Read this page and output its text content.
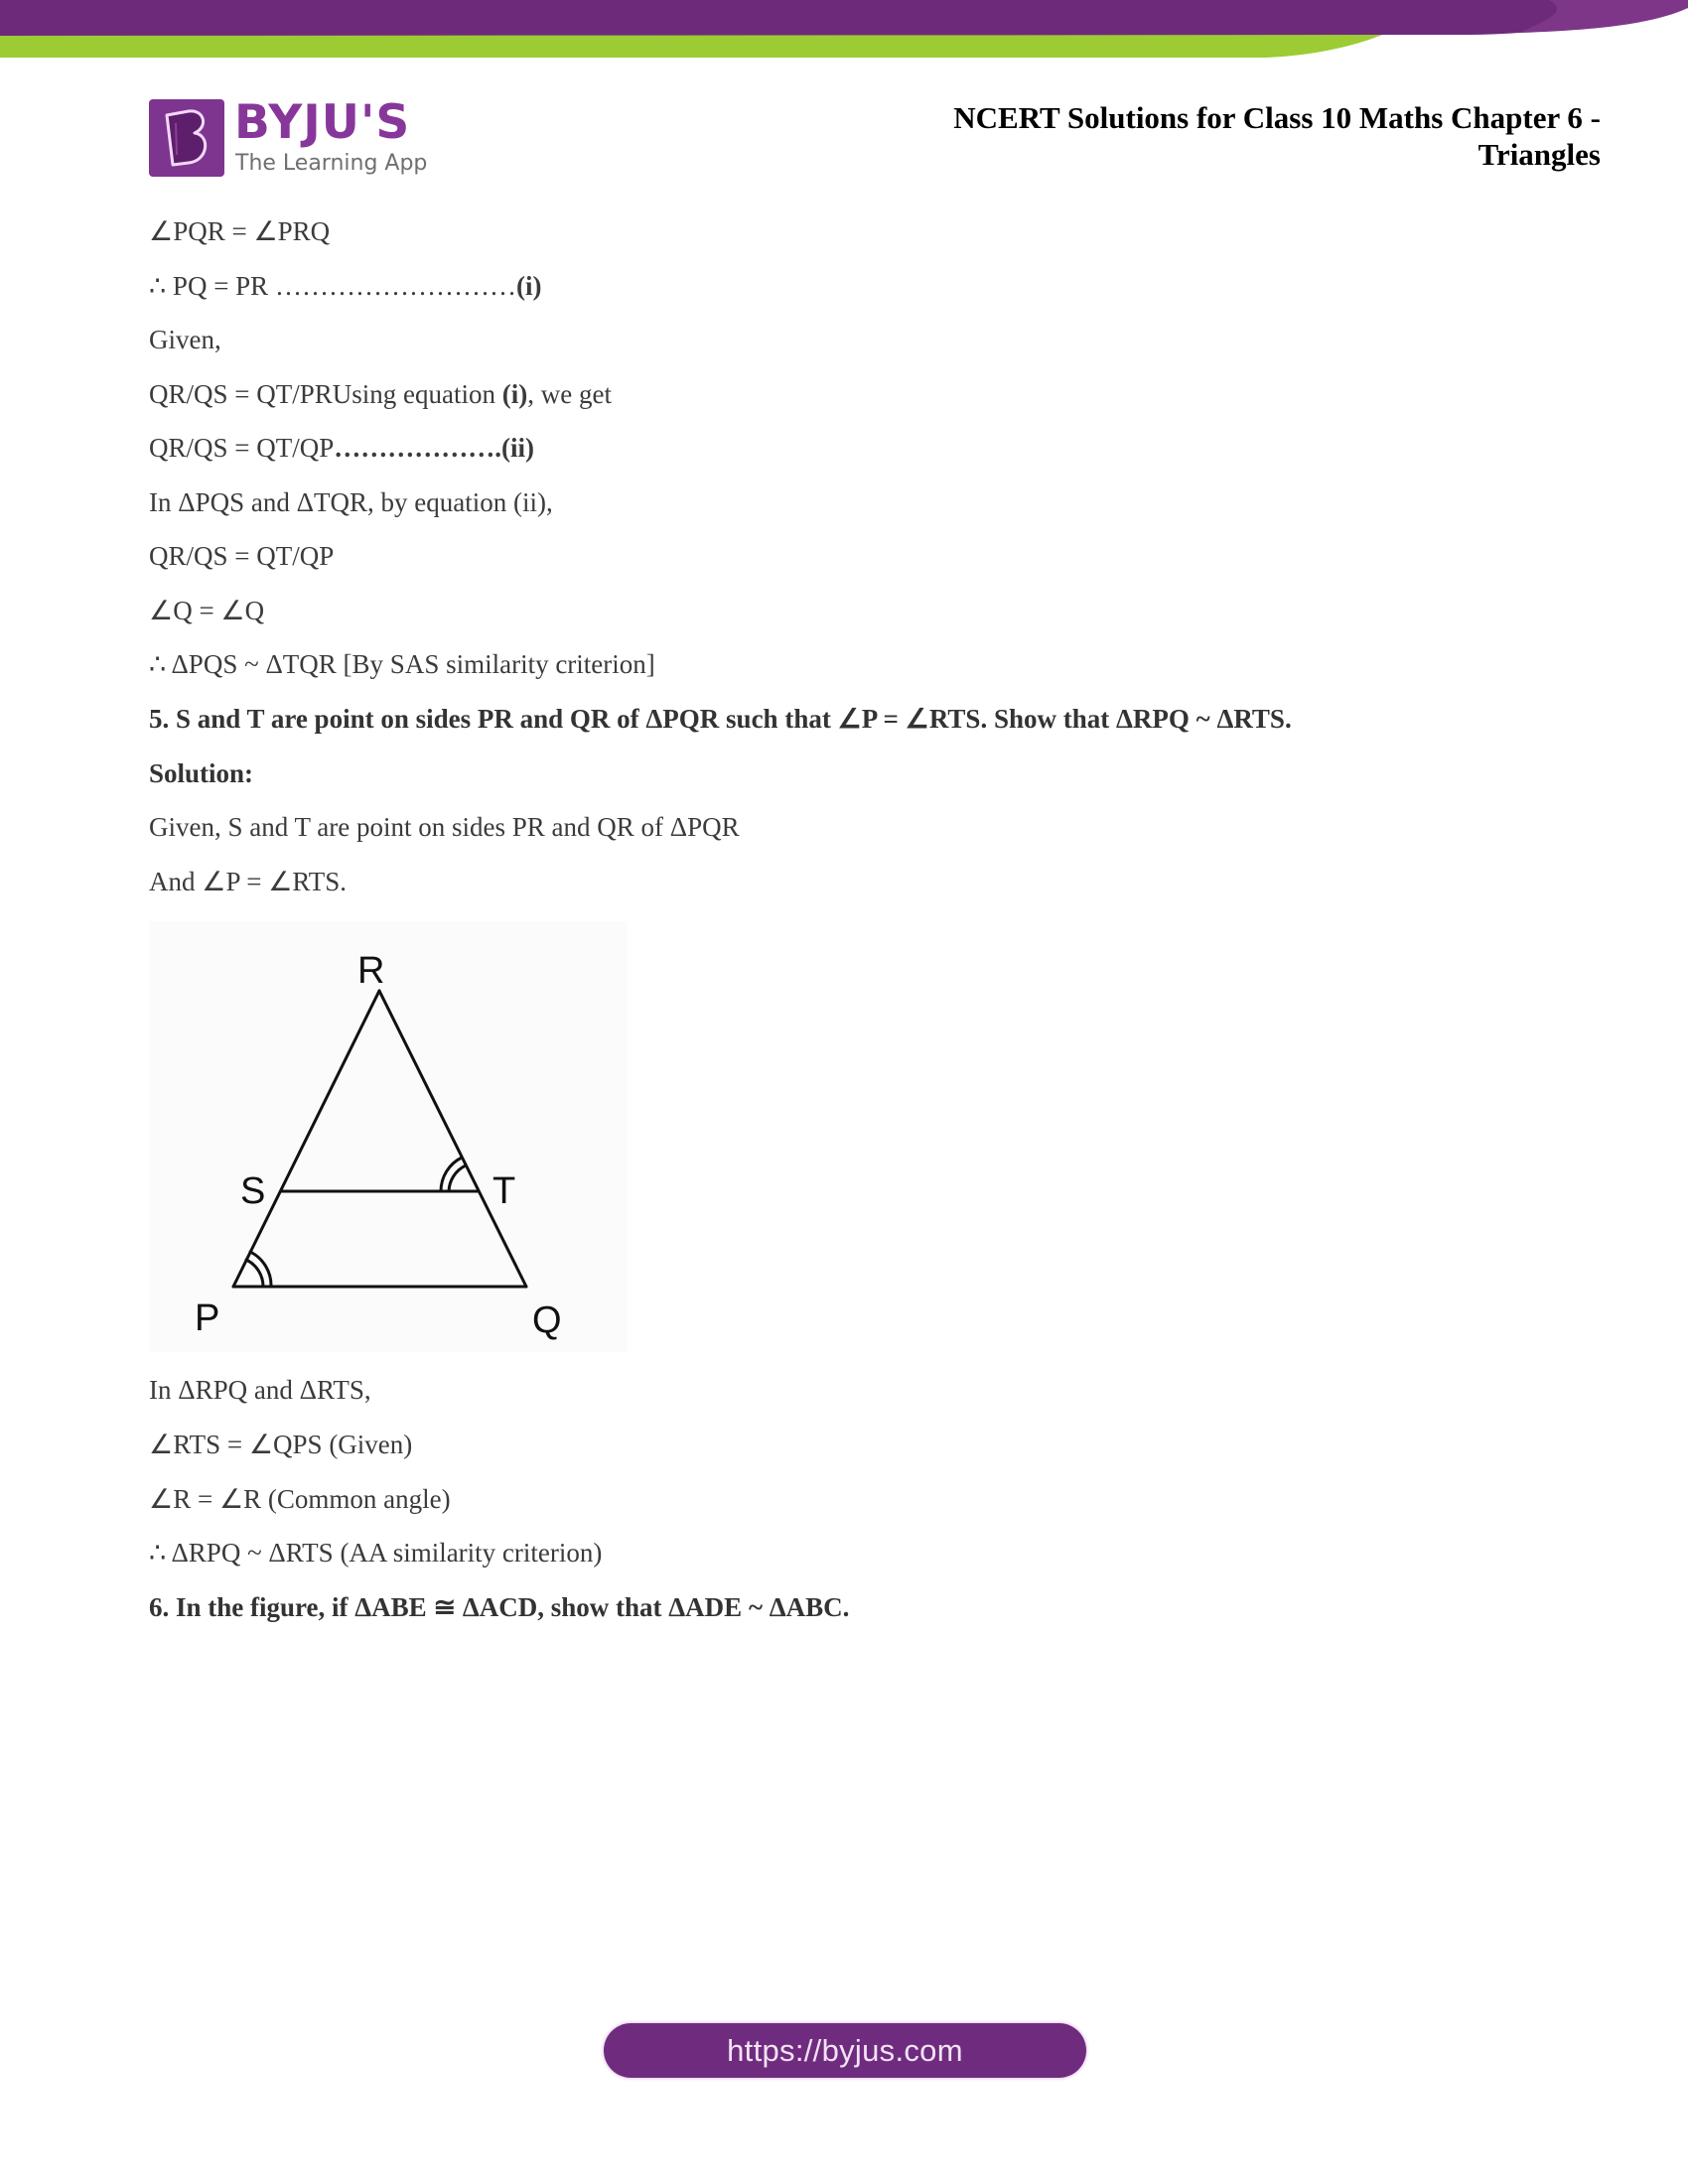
BYJU'S
The Learning App
NCERT Solutions for Class 10 Maths Chapter 6 -
Triangles
∠PQR = ∠PRQ
∴ PQ = PR ………………………(i)
Given,
QR/QS = QT/PRUsing equation (i), we get
QR/QS = QT/QP……………….(ii)
In ΔPQS and ΔTQR, by equation (ii),
QR/QS = QT/QP
∠Q = ∠Q
∴ ΔPQS ~ ΔTQR [By SAS similarity criterion]
5. S and T are point on sides PR and QR of ΔPQR such that ∠P = ∠RTS. Show that ΔRPQ ~ ΔRTS.
Solution:
Given, S and T are point on sides PR and QR of ΔPQR
And ∠P = ∠RTS.
R
S	T
P	Q
In ΔRPQ and ΔRTS,
∠RTS = ∠QPS (Given)
∠R = ∠R (Common angle)
∴ ΔRPQ ~ ΔRTS (AA similarity criterion)
6. In the figure, if ΔABE ≅ ΔACD, show that ΔADE ~ ΔABC.
https://byjus.com
